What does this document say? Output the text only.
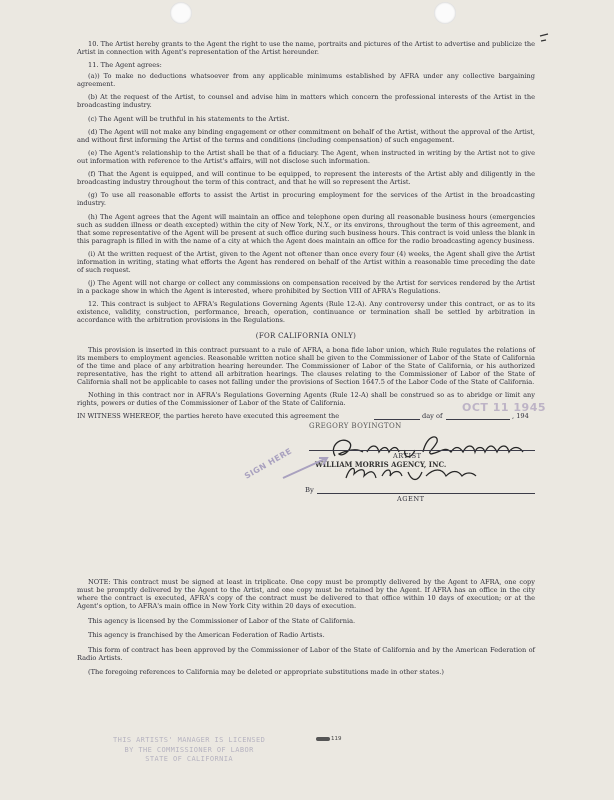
10. The Artist hereby grants to the Agent the right to use the name, portraits and pictures of the Artist to advertise and publicize the Artist in connection with Agent's representation of the Artist hereunder.

11. The Agent agrees:

(a)) To make no deductions whatsoever from any applicable minimums established by AFRA under any collective bargaining agreement.

(b) At the request of the Artist, to counsel and advise him in matters which concern the professional interests of the Artist in the broadcasting industry.

(c) The Agent will be truthful in his statements to the Artist.

(d) The Agent will not make any binding engagement or other commitment on behalf of the Artist, without the approval of the Artist, and without first informing the Artist of the terms and conditions (including compensation) of such engagement.

(e) The Agent's relationship to the Artist shall be that of a fiduciary. The Agent, when instructed in writing by the Artist not to give out information with reference to the Artist's affairs, will not disclose such information.

(f) That the Agent is equipped, and will continue to be equipped, to represent the interests of the Artist ably and diligently in the broadcasting industry throughout the term of this contract, and that he will so represent the Artist.

(g) To use all reasonable efforts to assist the Artist in procuring employment for the services of the Artist in the broadcasting industry.

(h) The Agent agrees that the Agent will maintain an office and telephone open during all reasonable business hours (emergencies such as sudden illness or death excepted) within the city of New York, N.Y., or its environs, throughout the term of this agreement, and that some representative of the Agent will be present at such office during such business hours. This contract is void unless the blank in this paragraph is filled in with the name of a city at which the Agent does maintain an office for the radio broadcasting agency business.

(i) At the written request of the Artist, given to the Agent not oftener than once every four (4) weeks, the Agent shall give the Artist information in writing, stating what efforts the Agent has rendered on behalf of the Artist within a reasonable time preceding the date of such request.

(j) The Agent will not charge or collect any commissions on compensation received by the Artist for services rendered by the Artist in a package show in which the Agent is interested, where prohibited by Section VIII of AFRA's Regulations.

12. This contract is subject to AFRA's Regulations Governing Agents (Rule 12-A). Any controversy under this contract, or as to its existence, validity, construction, performance, breach, operation, continuance or termination shall be settled by arbitration in accordance with the arbitration provisions in the Regulations.

(FOR CALIFORNIA ONLY)

This provision is inserted in this contract pursuant to a rule of AFRA, a bona fide labor union, which Rule regulates the relations of its members to employment agencies. Reasonable written notice shall be given to the Commissioner of Labor of the State of California of the time and place of any arbitration hearing hereunder. The Commissioner of Labor of the State of California, or his authorized representative, has the right to attend all arbitration hearings. The clauses relating to the Commissioner of Labor of the State of California shall not be applicable to cases not falling under the provisions of Section 1647.5 of the Labor Code of the State of California.

Nothing in this contract nor in AFRA's Regulations Governing Agents (Rule 12-A) shall be construed so as to abridge or limit any rights, powers or duties of the Commissioner of Labor of the State of California.

IN WITNESS WHEREOF, the parties hereto have executed this agreement the	day of	, 194
OCT 11 1945
GREGORY BOYINGTON
ARTIST
WILLIAM MORRIS AGENCY, INC.
SIGN HERE
By
AGENT

NOTE: This contract must be signed at least in triplicate. One copy must be promptly delivered by the Agent to AFRA, one copy must be promptly delivered by the Agent to the Artist, and one copy must be retained by the Agent. If AFRA has an office in the city where the contract is executed, AFRA's copy of the contract must be delivered to that office within 10 days of execution; or at the Agent's option, to AFRA's main office in New York City within 20 days of execution.

This agency is licensed by the Commissioner of Labor of the State of California.

This agency is franchised by the American Federation of Radio Artists.

This form of contract has been approved by the Commissioner of Labor of the State of California and by the American Federation of Radio Artists.

(The foregoing references to California may be deleted or appropriate substitutions made in other states.)

THIS ARTISTS' MANAGER IS LICENSED
BY THE COMMISSIONER OF LABOR
STATE OF CALIFORNIA
119
